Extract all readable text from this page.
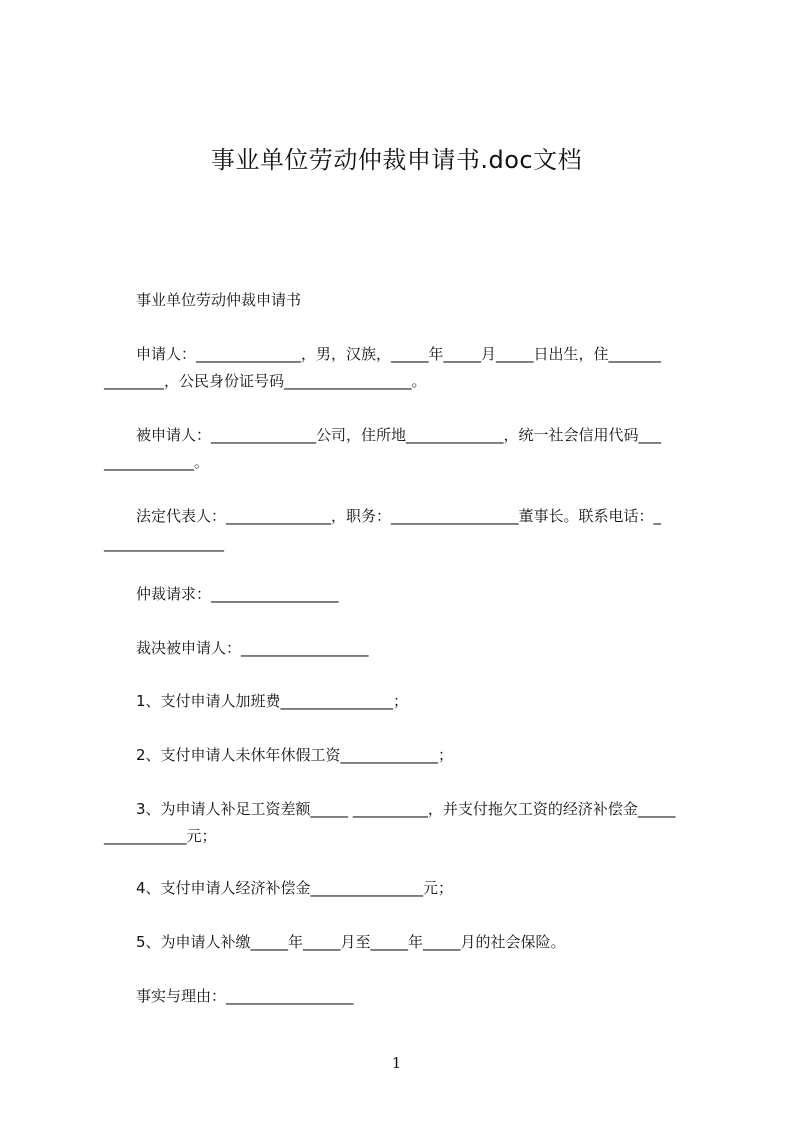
事业单位劳动仲裁申请书.doc文档
事业单位劳动仲裁申请书
申请人：______________，男，汉族，_____年_____月_____日出生，住_______
________，公民身份证号码_________________。
被申请人：______________公司，住所地_____________，统一社会信用代码___
____________。
法定代表人：______________，职务：_________________董事长。联系电话：_
________________
仲裁请求：_________________
裁决被申请人：_________________
1、支付申请人加班费_______________；
2、支付申请人未休年休假工资_____________；
3、为申请人补足工资差额_____ __________，并支付拖欠工资的经济补偿金_____
___________元；
4、支付申请人经济补偿金_______________元；
5、为申请人补缴_____年_____月至_____年_____月的社会保险。
事实与理由：_________________
1
